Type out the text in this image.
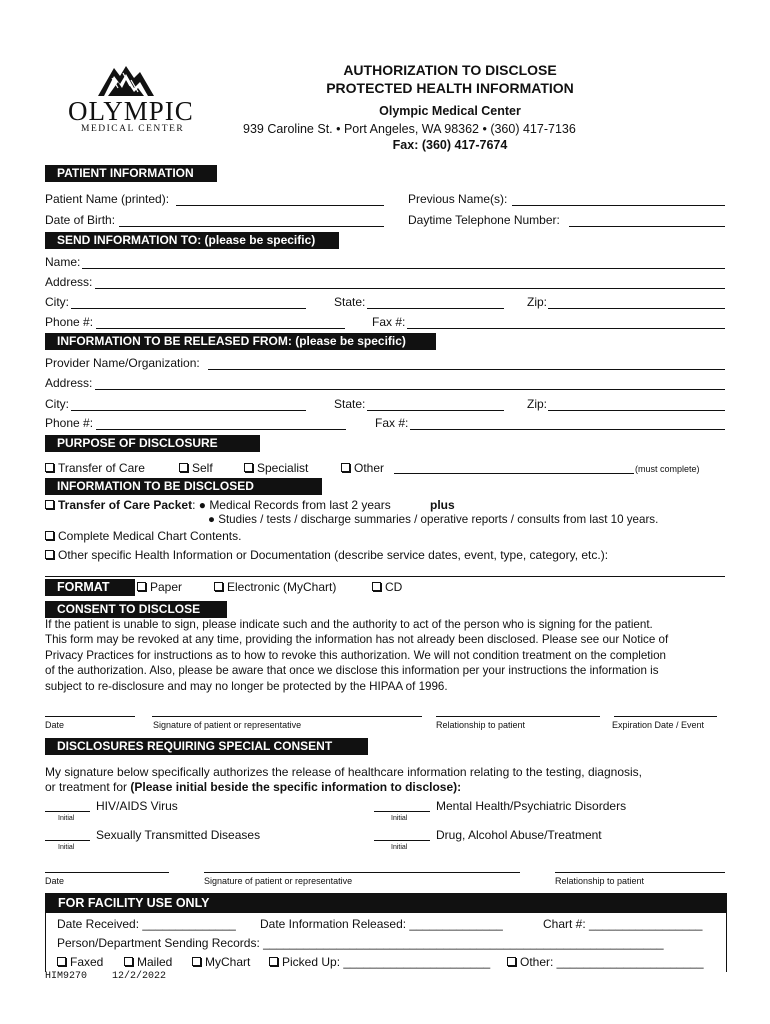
OLYMPIC
MEDICAL CENTER
AUTHORIZATION TO DISCLOSE
PROTECTED HEALTH INFORMATION
Olympic Medical Center
939 Caroline St. • Port Angeles, WA 98362 • (360) 417-7136
Fax: (360) 417-7674
PATIENT INFORMATION
Patient Name (printed):	Previous Name(s):
Date of Birth:	Daytime Telephone Number:
SEND INFORMATION TO: (please be specific)
Name:
Address:
City:	State:	Zip:
Phone #:	Fax #:
INFORMATION TO BE RELEASED FROM: (please be specific)
Provider Name/Organization:
Address:
City:	State:	Zip:
Phone #:	Fax #:
PURPOSE OF DISCLOSURE
Transfer of Care	Self	Specialist	Other	(must complete)
INFORMATION TO BE DISCLOSED
Transfer of Care Packet: ● Medical Records from last 2 years	plus
● Studies / tests / discharge summaries / operative reports / consults from last 10 years.
Complete Medical Chart Contents.
Other specific Health Information or Documentation (describe service dates, event, type, category, etc.):
FORMAT	Paper	Electronic (MyChart)	CD
CONSENT TO DISCLOSE
If the patient is unable to sign, please indicate such and the authority to act of the person who is signing for the patient.
This form may be revoked at any time, providing the information has not already been disclosed. Please see our Notice of
Privacy Practices for instructions as to how to revoke this authorization. We will not condition treatment on the completion
of the authorization. Also, please be aware that once we disclose this information per your instructions the information is
subject to re-disclosure and may no longer be protected by the HIPAA of 1996.
Date	Signature of patient or representative	Relationship to patient	Expiration Date / Event
DISCLOSURES REQUIRING SPECIAL CONSENT
My signature below specifically authorizes the release of healthcare information relating to the testing, diagnosis,
or treatment for (Please initial beside the specific information to disclose):
HIV/AIDS Virus
Initial
Mental Health/Psychiatric Disorders
Initial
Sexually Transmitted Diseases
Initial
Drug, Alcohol Abuse/Treatment
Initial
Date	Signature of patient or representative	Relationship to patient
FOR FACILITY USE ONLY
Date Received: ______________ Date Information Released: ______________	Chart #: _________________
Person/Department Sending Records: ____________________________________________________________
Faxed	Mailed	MyChart	Picked Up: ______________________	Other: ______________________
HIM9270 12/2/2022
